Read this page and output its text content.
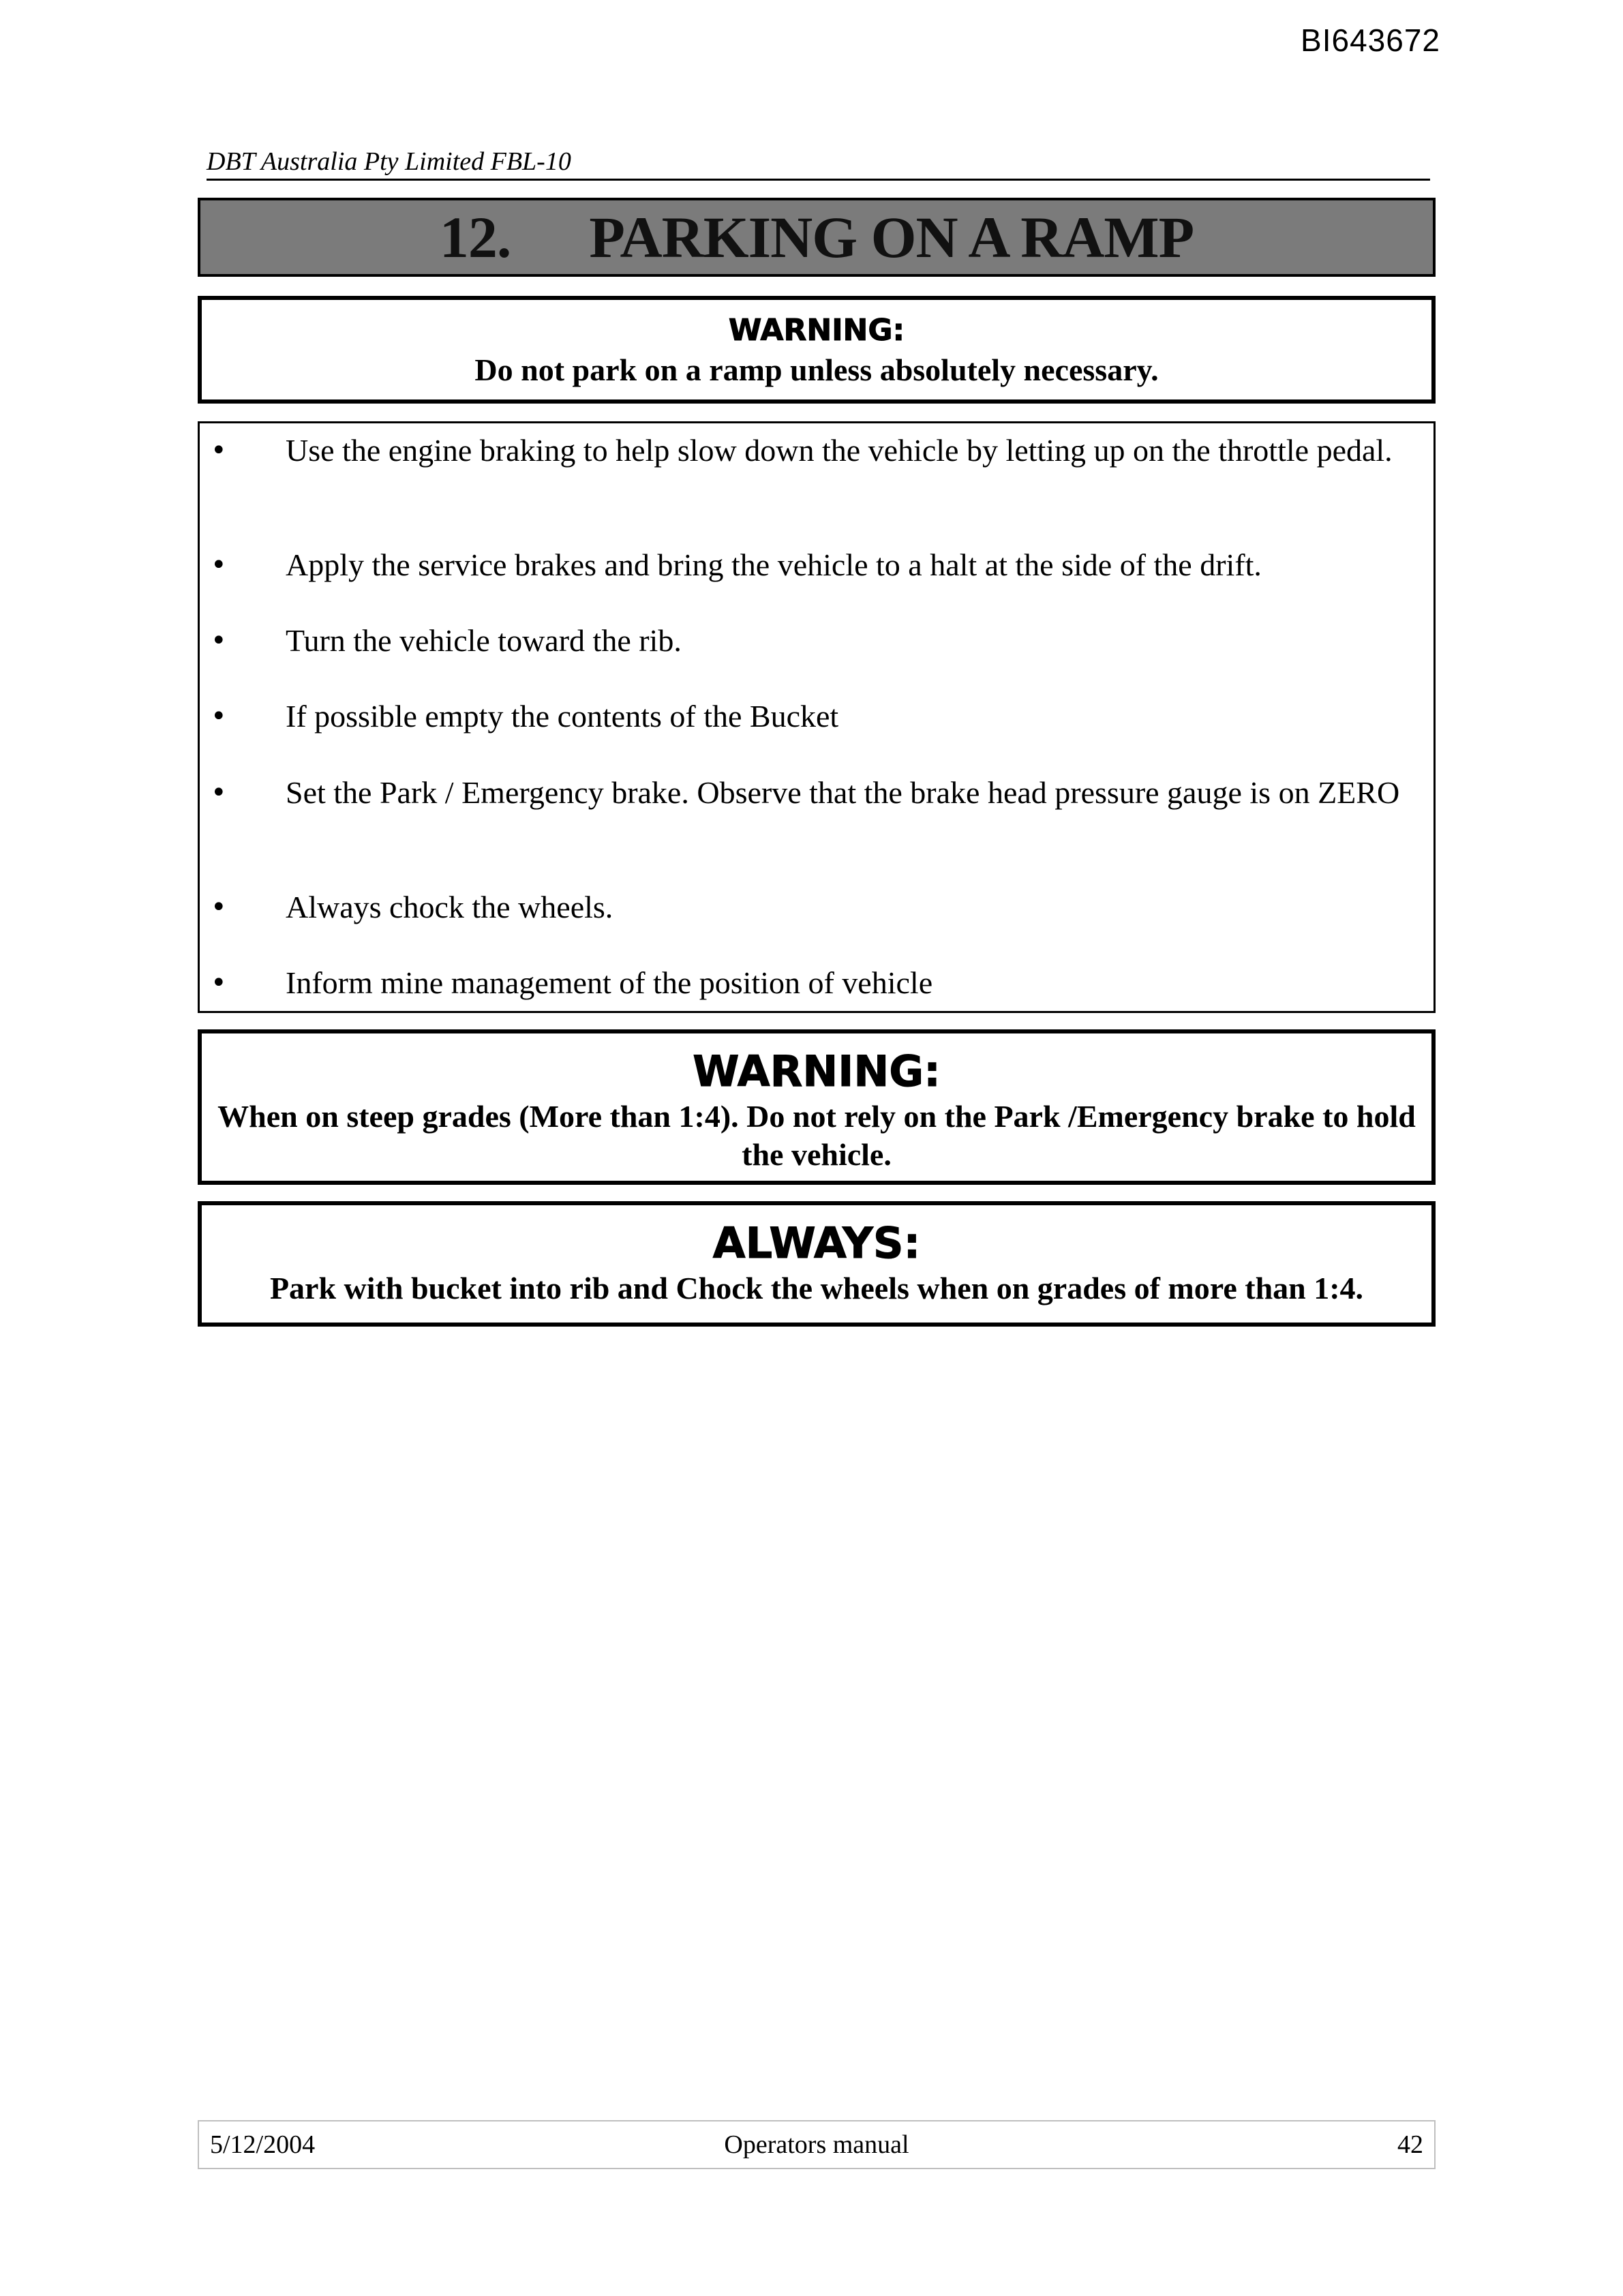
BI643672
DBT Australia Pty Limited FBL-10
12. PARKING ON A RAMP
WARNING:
Do not park on a ramp unless absolutely necessary.
• Use the engine braking to help slow down the vehicle by letting up on the throttle pedal.
• Apply the service brakes and bring the vehicle to a halt at the side of the drift.
• Turn the vehicle toward the rib.
• If possible empty the contents of the Bucket
• Set the Park / Emergency brake. Observe that the brake head pressure gauge is on ZERO
• Always chock the wheels.
• Inform mine management of the position of vehicle
WARNING:
When on steep grades (More than 1:4). Do not rely on the Park /Emergency brake to hold the vehicle.
ALWAYS:
Park with bucket into rib and Chock the wheels when on grades of more than 1:4.
5/12/2004	Operators manual	42
